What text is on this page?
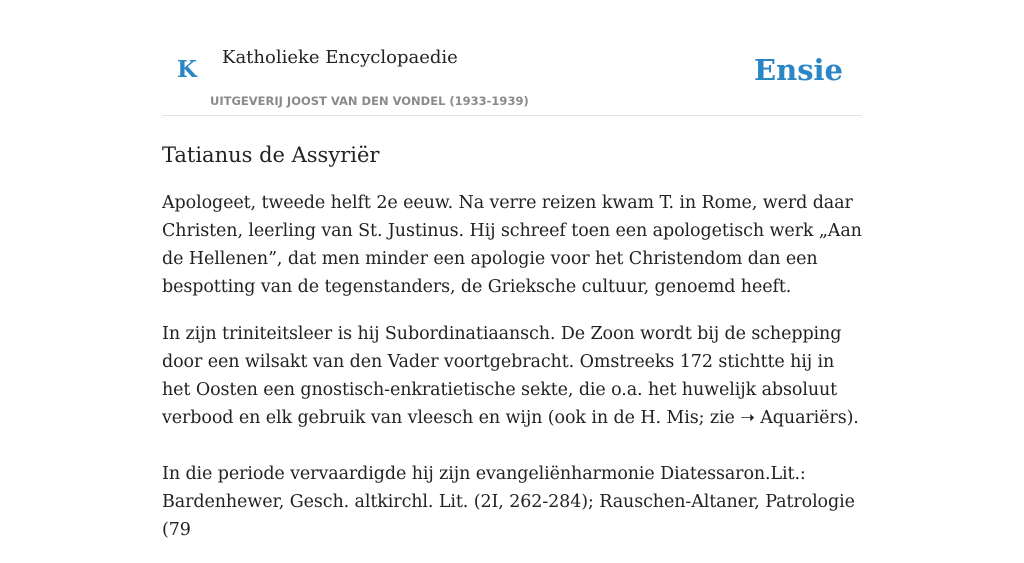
K Katholieke Encyclopaedie
UITGEVERIJ JOOST VAN DEN VONDEL (1933-1939)
Ensie
Tatianus de Assyriër

Apologeet, tweede helft 2e eeuw. Na verre reizen kwam T. in Rome, werd daar Christen, leerling van St. Justinus. Hij schreef toen een apologetisch werk „Aan de Hellenen”, dat men minder een apologie voor het Christendom dan een bespotting van de tegenstanders, de Grieksche cultuur, genoemd heeft.

In zijn triniteitsleer is hij Subordinatiaansch. De Zoon wordt bij de schepping door een wilsakt van den Vader voortgebracht. Omstreeks 172 stichtte hij in het Oosten een gnostisch-enkratietische sekte, die o.a. het huwelijk absoluut verbood en elk gebruik van vleesch en wijn (ook in de H. Mis; zie ➝ Aquariërs).

In die periode vervaardigde hij zijn evangeliënharmonie Diatessaron.Lit.: Bardenhewer, Gesch. altkirchl. Lit. (2I, 262-284); Rauschen-Altaner, Patrologie (79
